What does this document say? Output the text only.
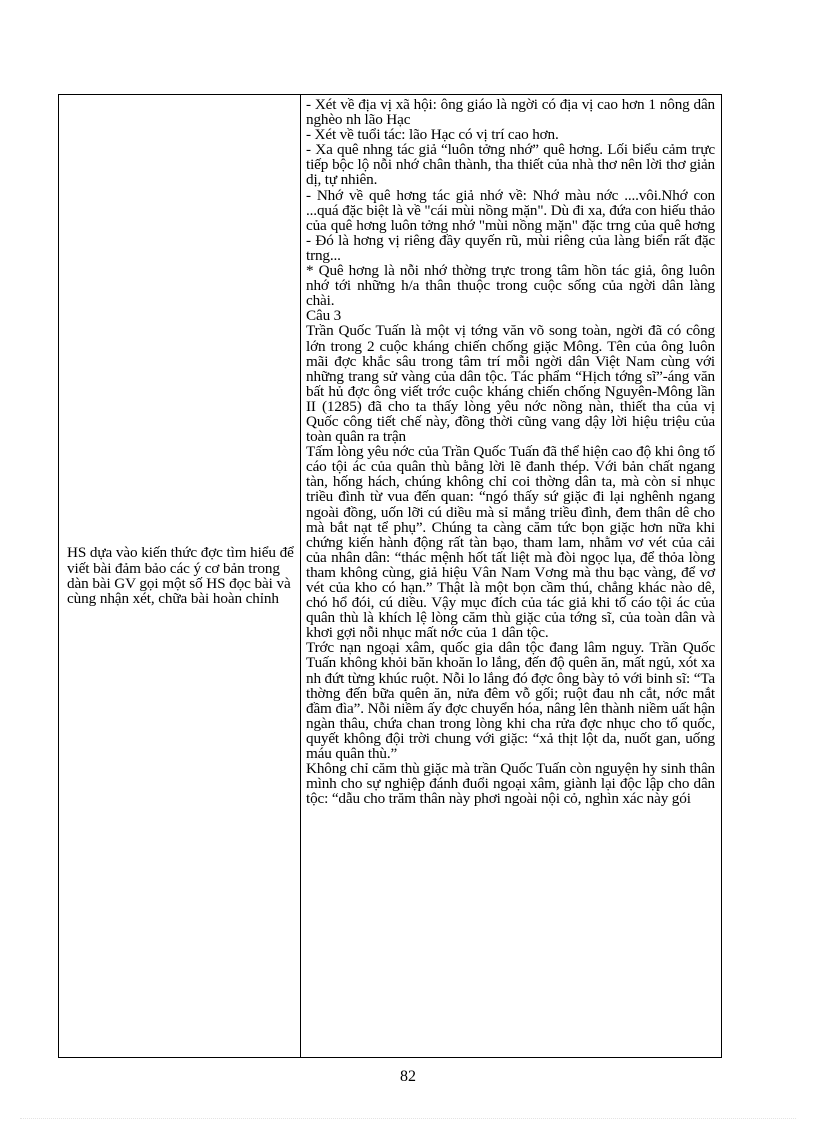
HS dựa vào kiến thức đợc tìm hiểu để viết bài đảm bảo các ý cơ bản trong dàn bài GV gọi một số HS đọc bài và cùng nhận xét, chữa bài hoàn chỉnh

- Xét về địa vị xã hội: ông giáo là ngời có địa vị cao hơn 1 nông dân nghèo nh lão Hạc

- Xét về tuổi tác: lão Hạc có vị trí cao hơn.

- Xa quê nhng tác giả “luôn tởng nhớ” quê hơng. Lối biểu cảm trực tiếp bộc lộ nỗi nhớ chân thành, tha thiết của nhà thơ nên lời thơ giản dị, tự nhiên.

- Nhớ về quê hơng tác giả nhớ về: Nhớ màu nớc ....vôi.Nhớ con ...quá đặc biệt là về "cái mùi nồng mặn". Dù đi xa, đứa con hiếu thảo của quê hơng luôn tởng nhớ "mùi nồng mặn" đặc trng của quê hơng - Đó là hơng vị riêng đầy quyến rũ, mùi riêng của làng biển rất đặc trng...

* Quê hơng là nỗi nhớ thờng trực trong tâm hồn tác giả, ông luôn nhớ tới những h/a thân thuộc trong cuộc sống của ngời dân làng chài.

Câu 3

Trần Quốc Tuấn là một vị tớng văn võ song toàn, ngời đã có công lớn trong 2 cuộc kháng chiến chống giặc Mông. Tên của ông luôn mãi đợc khắc sâu trong tâm trí mỗi ngời dân Việt Nam cùng với những trang sử vàng của dân tộc. Tác phẩm “Hịch tớng sĩ”-áng văn bất hủ đợc ông viết trớc cuộc kháng chiến chống Nguyên-Mông lần II (1285) đã cho ta thấy lòng yêu nớc nồng nàn, thiết tha của vị Quốc công tiết chế này, đồng thời cũng vang dậy lời hiệu triệu của toàn quân ra trận

Tấm lòng yêu nớc của Trần Quốc Tuấn đã thể hiện cao độ khi ông tố cáo tội ác của quân thù bằng lời lẽ đanh thép. Với bản chất ngang tàn, hống hách, chúng không chỉ coi thờng dân ta, mà còn sỉ nhục triều đình từ vua đến quan: “ngó thấy sứ giặc đi lại nghênh ngang ngoài đồng, uốn lỡi cú diều mà sỉ mắng triều đình, đem thân dê cho mà bắt nạt tể phụ”. Chúng ta càng căm tức bọn giặc hơn nữa khi chứng kiến hành động rất tàn bạo, tham lam, nhằm vơ vét của cải của nhân dân: “thác mệnh hốt tất liệt mà đòi ngọc lụa, để thỏa lòng tham không cùng, giả hiệu Vân Nam Vơng mà thu bạc vàng, để vơ vét của kho có hạn.” Thật là một bọn cầm thú, chẳng khác nào dê, chó hổ đói, cú diều. Vậy mục đích của tác giả khi tố cáo tội ác của quân thù là khích lệ lòng căm thù giặc của tớng sĩ, của toàn dân và khơi gợi nỗi nhục mất nớc của 1 dân tộc.

Trớc nạn ngoại xâm, quốc gia dân tộc đang lâm nguy. Trần Quốc Tuấn không khỏi băn khoăn lo lắng, đến độ quên ăn, mất ngủ, xót xa nh đứt từng khúc ruột. Nỗi lo lắng đó đợc ông bày tỏ với binh sĩ: “Ta thờng đến bữa quên ăn, nửa đêm vỗ gối; ruột đau nh cắt, nớc mắt đầm đìa”. Nỗi niềm ấy đợc chuyển hóa, nâng lên thành niềm uất hận ngàn thâu, chứa chan trong lòng khi cha rửa đợc nhục cho tổ quốc, quyết không đội trời chung với giặc: “xả thịt lột da, nuốt gan, uống máu quân thù.”

Không chỉ căm thù giặc mà trần Quốc Tuấn còn nguyện hy sinh thân mình cho sự nghiệp đánh đuổi ngoại xâm, giành lại độc lập cho dân tộc: “dẫu cho trăm thân này phơi ngoài nội cỏ, nghìn xác này gói

82
